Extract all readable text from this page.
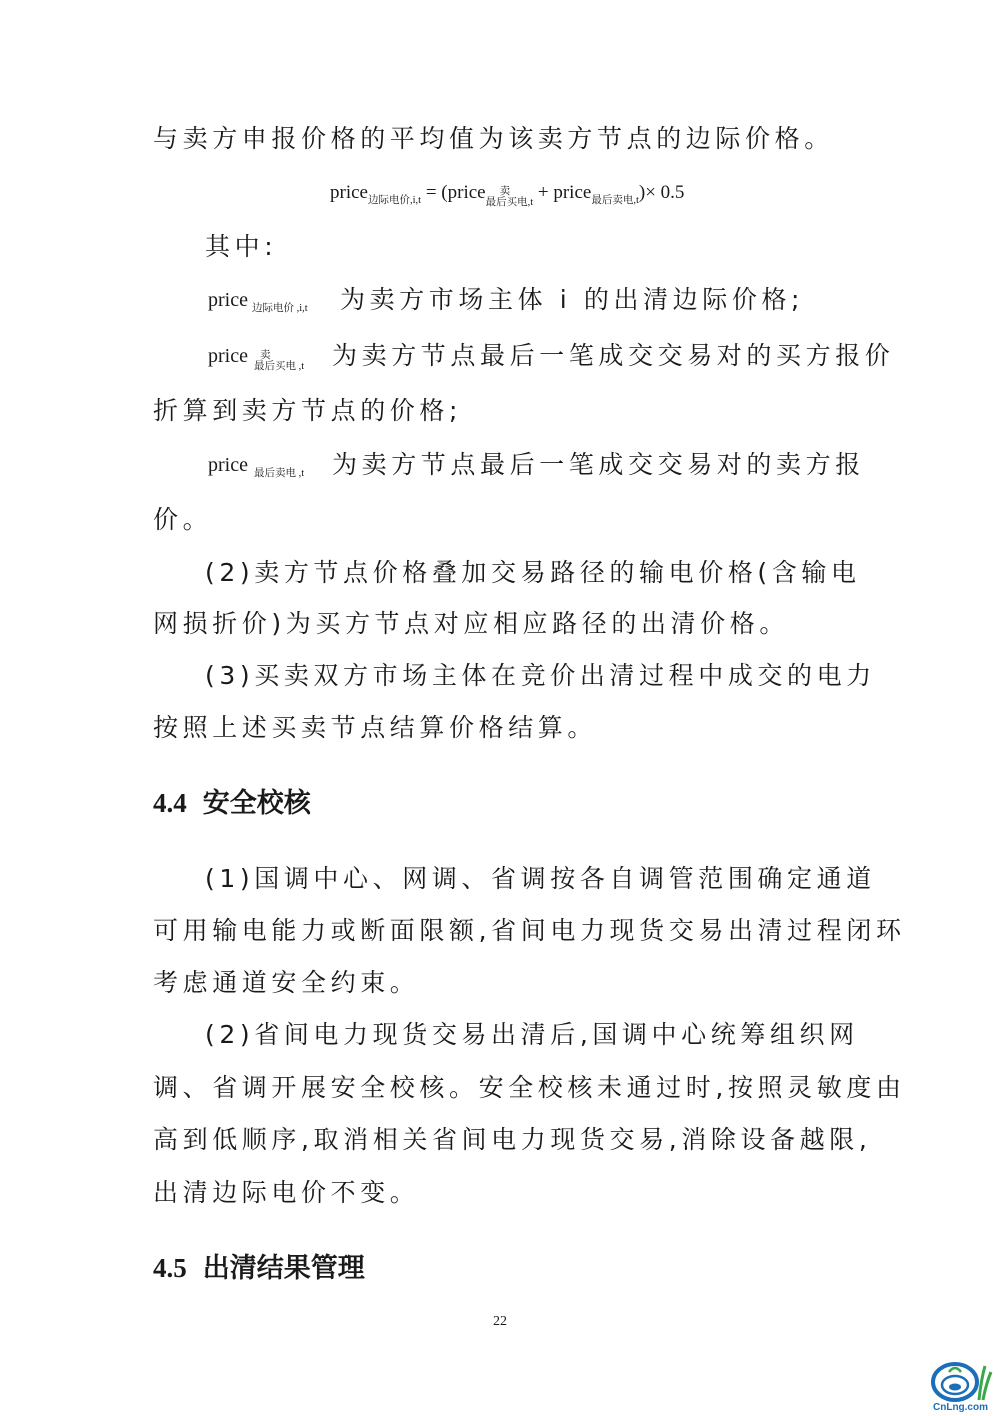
与卖方申报价格的平均值为该卖方节点的边际价格。
price$_{边际电价,i,t}$ = (price	卖
最后买电,t + price$_{最后卖电,t}$)× 0.5
其中:
price $_{边际电价 ,i,t}$ 为卖方市场主体 i 的出清边际价格;
price	卖
最后买电 ,t 为卖方节点最后一笔成交交易对的买方报价
折算到卖方节点的价格;
price $_{最后卖电 ,t}$ 为卖方节点最后一笔成交交易对的卖方报
价。
(2)卖方节点价格叠加交易路径的输电价格(含输电
网损折价)为买方节点对应相应路径的出清价格。
(3)买卖双方市场主体在竞价出清过程中成交的电力
按照上述买卖节点结算价格结算。
4.4 安全校核
(1)国调中心、网调、省调按各自调管范围确定通道
可用输电能力或断面限额,省间电力现货交易出清过程闭环
考虑通道安全约束。
(2)省间电力现货交易出清后,国调中心统筹组织网
调、省调开展安全校核。安全校核未通过时,按照灵敏度由
高到低顺序,取消相关省间电力现货交易,消除设备越限,
出清边际电价不变。
4.5 出清结果管理
22
CnLng.com
